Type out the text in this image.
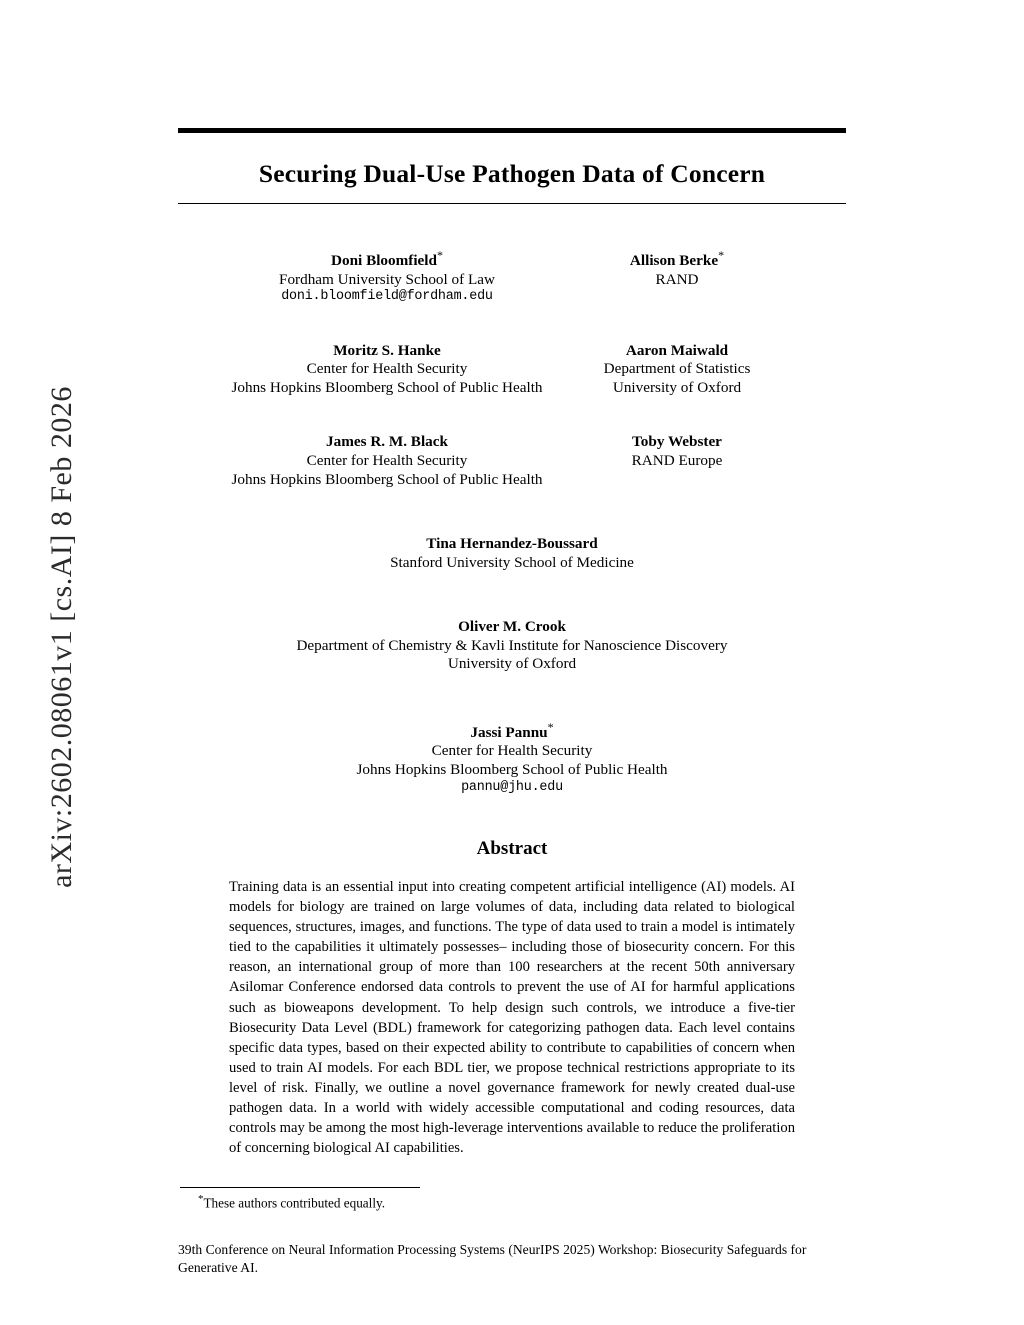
arXiv:2602.08061v1 [cs.AI] 8 Feb 2026
Securing Dual-Use Pathogen Data of Concern
Doni Bloomfield*
Fordham University School of Law
doni.bloomfield@fordham.edu
Allison Berke*
RAND
Moritz S. Hanke
Center for Health Security
Johns Hopkins Bloomberg School of Public Health
Aaron Maiwald
Department of Statistics
University of Oxford
James R. M. Black
Center for Health Security
Johns Hopkins Bloomberg School of Public Health
Toby Webster
RAND Europe
Tina Hernandez-Boussard
Stanford University School of Medicine
Oliver M. Crook
Department of Chemistry & Kavli Institute for Nanoscience Discovery
University of Oxford
Jassi Pannu*
Center for Health Security
Johns Hopkins Bloomberg School of Public Health
pannu@jhu.edu
Abstract
Training data is an essential input into creating competent artificial intelligence (AI) models. AI models for biology are trained on large volumes of data, including data related to biological sequences, structures, images, and functions. The type of data used to train a model is intimately tied to the capabilities it ultimately possesses– including those of biosecurity concern. For this reason, an international group of more than 100 researchers at the recent 50th anniversary Asilomar Conference endorsed data controls to prevent the use of AI for harmful applications such as bioweapons development. To help design such controls, we introduce a five-tier Biosecurity Data Level (BDL) framework for categorizing pathogen data. Each level contains specific data types, based on their expected ability to contribute to capabilities of concern when used to train AI models. For each BDL tier, we propose technical restrictions appropriate to its level of risk. Finally, we outline a novel governance framework for newly created dual-use pathogen data. In a world with widely accessible computational and coding resources, data controls may be among the most high-leverage interventions available to reduce the proliferation of concerning biological AI capabilities.
*These authors contributed equally.
39th Conference on Neural Information Processing Systems (NeurIPS 2025) Workshop: Biosecurity Safeguards for Generative AI.
